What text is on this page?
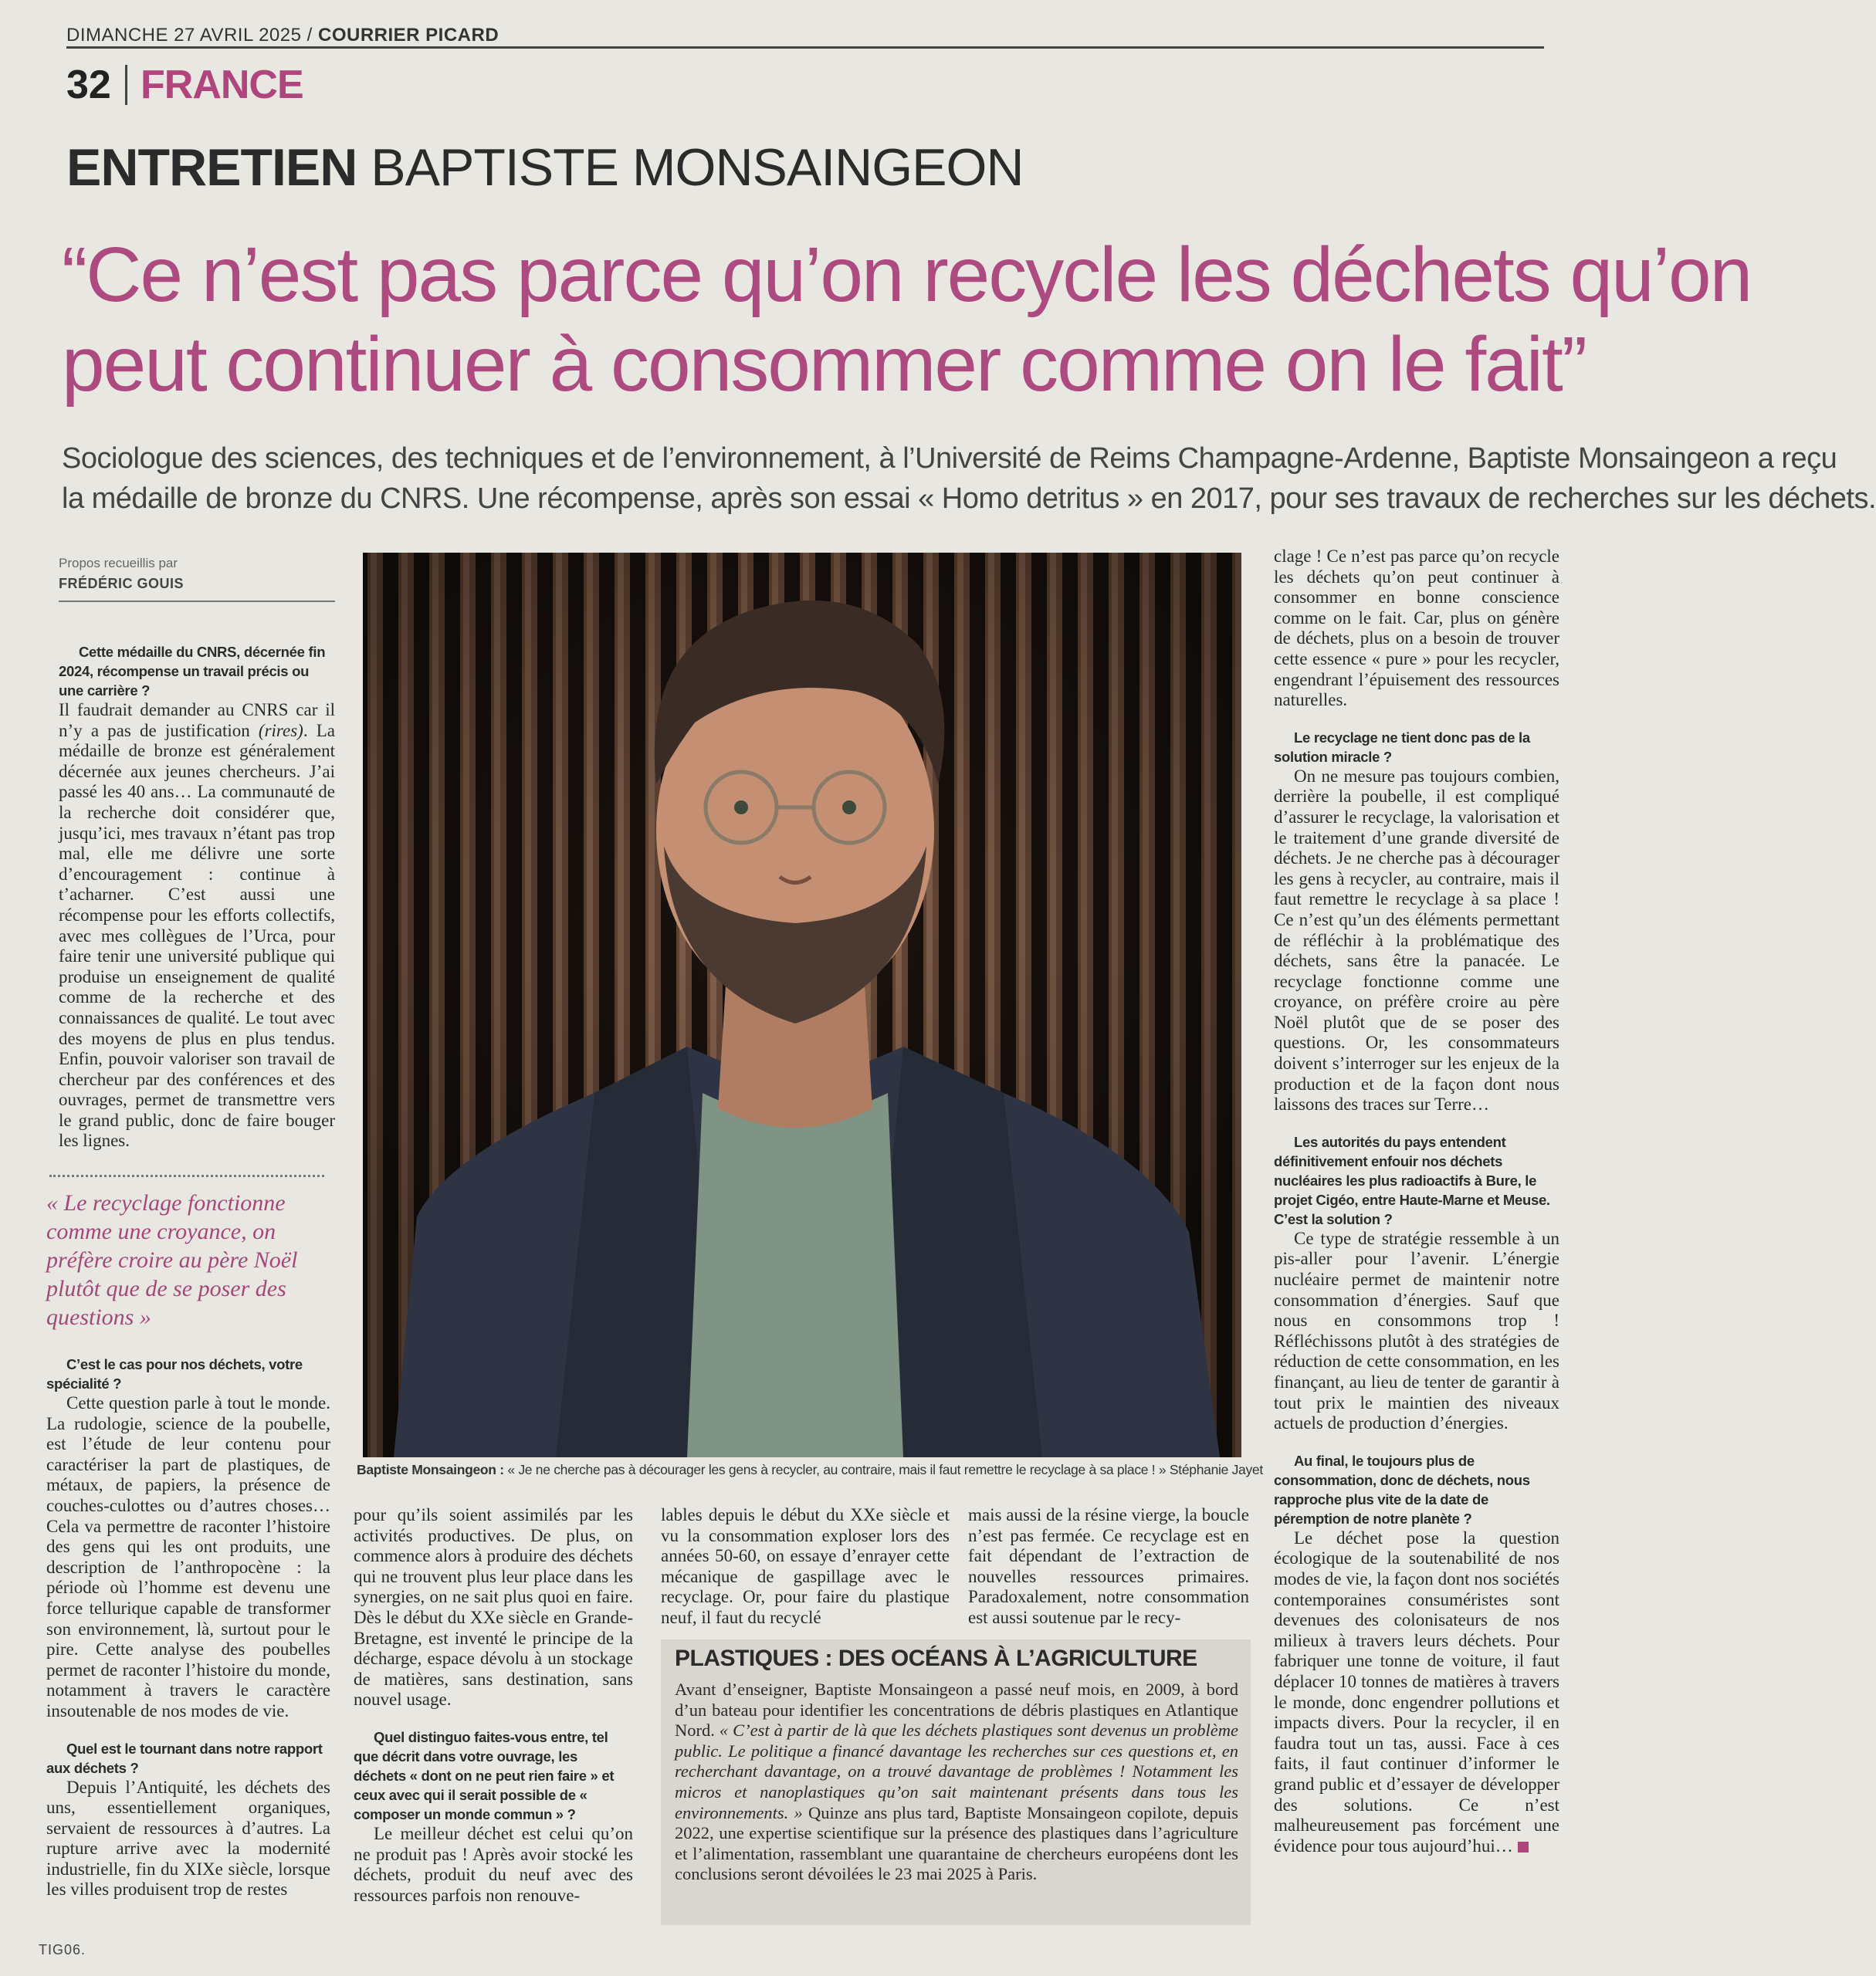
DIMANCHE 27 AVRIL 2025 / COURRIER PICARD
32 FRANCE
ENTRETIEN BAPTISTE MONSAINGEON
“Ce n’est pas parce qu’on recycle les déchets qu’on
peut continuer à consommer comme on le fait”
Sociologue des sciences, des techniques et de l’environnement, à l’Université de Reims Champagne-Ardenne, Baptiste Monsaingeon a reçu
la médaille de bronze du CNRS. Une récompense, après son essai « Homo detritus » en 2017, pour ses travaux de recherches sur les déchets.
Propos recueillis par
FRÉDÉRIC GOUIS

Cette médaille du CNRS, décernée fin 2024, récompense un travail précis ou une carrière ?

Il faudrait demander au CNRS car il n’y a pas de justification (rires). La médaille de bronze est généralement décernée aux jeunes chercheurs. J’ai passé les 40 ans… La communauté de la recherche doit considérer que, jusqu’ici, mes travaux n’étant pas trop mal, elle me délivre une sorte d’encouragement : continue à t’acharner. C’est aussi une récompense pour les efforts collectifs, avec mes collègues de l’Urca, pour faire tenir une université publique qui produise un enseignement de qualité comme de la recherche et des connaissances de qualité. Le tout avec des moyens de plus en plus tendus. Enfin, pouvoir valoriser son travail de chercheur par des conférences et des ouvrages, permet de transmettre vers le grand public, donc de faire bouger les lignes.

« Le recyclage fonctionne comme une croyance, on préfère croire au père Noël plutôt que de se poser des questions »

C’est le cas pour nos déchets, votre spécialité ?

Cette question parle à tout le monde. La rudologie, science de la poubelle, est l’étude de leur contenu pour caractériser la part de plastiques, de métaux, de papiers, la présence de couches-culottes ou d’autres choses… Cela va permettre de raconter l’histoire des gens qui les ont produits, une description de l’anthropocène : la période où l’homme est devenu une force tellurique capable de transformer son environnement, là, surtout pour le pire. Cette analyse des poubelles permet de raconter l’histoire du monde, notamment à travers le caractère insoutenable de nos modes de vie.

Quel est le tournant dans notre rapport aux déchets ?

Depuis l’Antiquité, les déchets des uns, essentiellement organiques, servaient de ressources à d’autres. La rupture arrive avec la modernité industrielle, fin du XIXe siècle, lorsque les villes produisent trop de restes

Baptiste Monsaingeon : « Je ne cherche pas à décourager les gens à recycler, au contraire, mais il faut remettre le recyclage à sa place ! » Stéphanie Jayet

pour qu’ils soient assimilés par les activités productives. De plus, on commence alors à produire des déchets qui ne trouvent plus leur place dans les synergies, on ne sait plus quoi en faire. Dès le début du XXe siècle en Grande-Bretagne, est inventé le principe de la décharge, espace dévolu à un stockage de matières, sans destination, sans nouvel usage.

Quel distinguo faites-vous entre, tel que décrit dans votre ouvrage, les déchets « dont on ne peut rien faire » et ceux avec qui il serait possible de « composer un monde commun » ?

Le meilleur déchet est celui qu’on ne produit pas ! Après avoir stocké les déchets, produit du neuf avec des ressources parfois non renouve-

lables depuis le début du XXe siècle et vu la consommation exploser lors des années 50-60, on essaye d’enrayer cette mécanique de gaspillage avec le recyclage. Or, pour faire du plastique neuf, il faut du recyclé

mais aussi de la résine vierge, la boucle n’est pas fermée. Ce recyclage est en fait dépendant de l’extraction de nouvelles ressources primaires. Paradoxalement, notre consommation est aussi soutenue par le recy-

PLASTIQUES : DES OCÉANS À L’AGRICULTURE
Avant d’enseigner, Baptiste Monsaingeon a passé neuf mois, en 2009, à bord d’un bateau pour identifier les concentrations de débris plastiques en Atlantique Nord. « C’est à partir de là que les déchets plastiques sont devenus un problème public. Le politique a financé davantage les recherches sur ces questions et, en recherchant davantage, on a trouvé davantage de problèmes ! Notamment les micros et nanoplastiques qu’on sait maintenant présents dans tous les environnements. » Quinze ans plus tard, Baptiste Monsaingeon copilote, depuis 2022, une expertise scientifique sur la présence des plastiques dans l’agriculture et l’alimentation, rassemblant une quarantaine de chercheurs européens dont les conclusions seront dévoilées le 23 mai 2025 à Paris.

clage ! Ce n’est pas parce qu’on recycle les déchets qu’on peut continuer à consommer en bonne conscience comme on le fait. Car, plus on génère de déchets, plus on a besoin de trouver cette essence « pure » pour les recycler, engendrant l’épuisement des ressources naturelles.

Le recyclage ne tient donc pas de la solution miracle ?

On ne mesure pas toujours combien, derrière la poubelle, il est compliqué d’assurer le recyclage, la valorisation et le traitement d’une grande diversité de déchets. Je ne cherche pas à décourager les gens à recycler, au contraire, mais il faut remettre le recyclage à sa place ! Ce n’est qu’un des éléments permettant de réfléchir à la problématique des déchets, sans être la panacée. Le recyclage fonctionne comme une croyance, on préfère croire au père Noël plutôt que de se poser des questions. Or, les consommateurs doivent s’interroger sur les enjeux de la production et de la façon dont nous laissons des traces sur Terre…

Les autorités du pays entendent définitivement enfouir nos déchets nucléaires les plus radioactifs à Bure, le projet Cigéo, entre Haute-Marne et Meuse. C’est la solution ?

Ce type de stratégie ressemble à un pis-aller pour l’avenir. L’énergie nucléaire permet de maintenir notre consommation d’énergies. Sauf que nous en consommons trop ! Réfléchissons plutôt à des stratégies de réduction de cette consommation, en les finançant, au lieu de tenter de garantir à tout prix le maintien des niveaux actuels de production d’énergies.

Au final, le toujours plus de consommation, donc de déchets, nous rapproche plus vite de la date de péremption de notre planète ?

Le déchet pose la question écologique de la soutenabilité de nos modes de vie, la façon dont nos sociétés contemporaines consuméristes sont devenues des colonisateurs de nos milieux à travers leurs déchets. Pour fabriquer une tonne de voiture, il faut déplacer 10 tonnes de matières à travers le monde, donc engendrer pollutions et impacts divers. Pour la recycler, il en faudra tout un tas, aussi. Face à ces faits, il faut continuer d’informer le grand public et d’essayer de développer des solutions. Ce n’est malheureusement pas forcément une évidence pour tous aujourd’hui…

TIG06.
